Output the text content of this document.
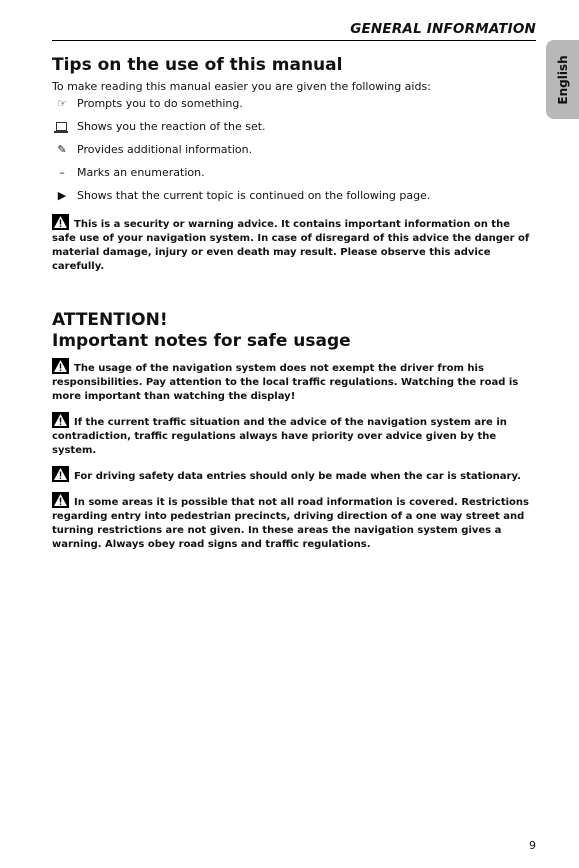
GENERAL INFORMATION
English
Tips on the use of this manual

To make reading this manual easier you are given the following aids:

☞ Prompts you to do something.
Shows you the reaction of the set.
✎ Provides additional information.
–	Marks an enumeration.
▶ Shows that the current topic is continued on the following page.

This is a security or warning advice. It contains important information on the safe use of your navigation system. In case of disregard of this advice the danger of material damage, injury or even death may result. Please observe this advice carefully.

ATTENTION!
Important notes for safe usage

The usage of the navigation system does not exempt the driver from his responsibilities. Pay attention to the local traffic regulations. Watching the road is more important than watching the display!

If the current traffic situation and the advice of the navigation system are in contradiction, traffic regulations always have priority over advice given by the system.

For driving safety data entries should only be made when the car is stationary.

In some areas it is possible that not all road information is covered. Restrictions regarding entry into pedestrian precincts, driving direction of a one way street and turning restrictions are not given. In these areas the navigation system gives a warning. Always obey road signs and traffic regulations.

9
